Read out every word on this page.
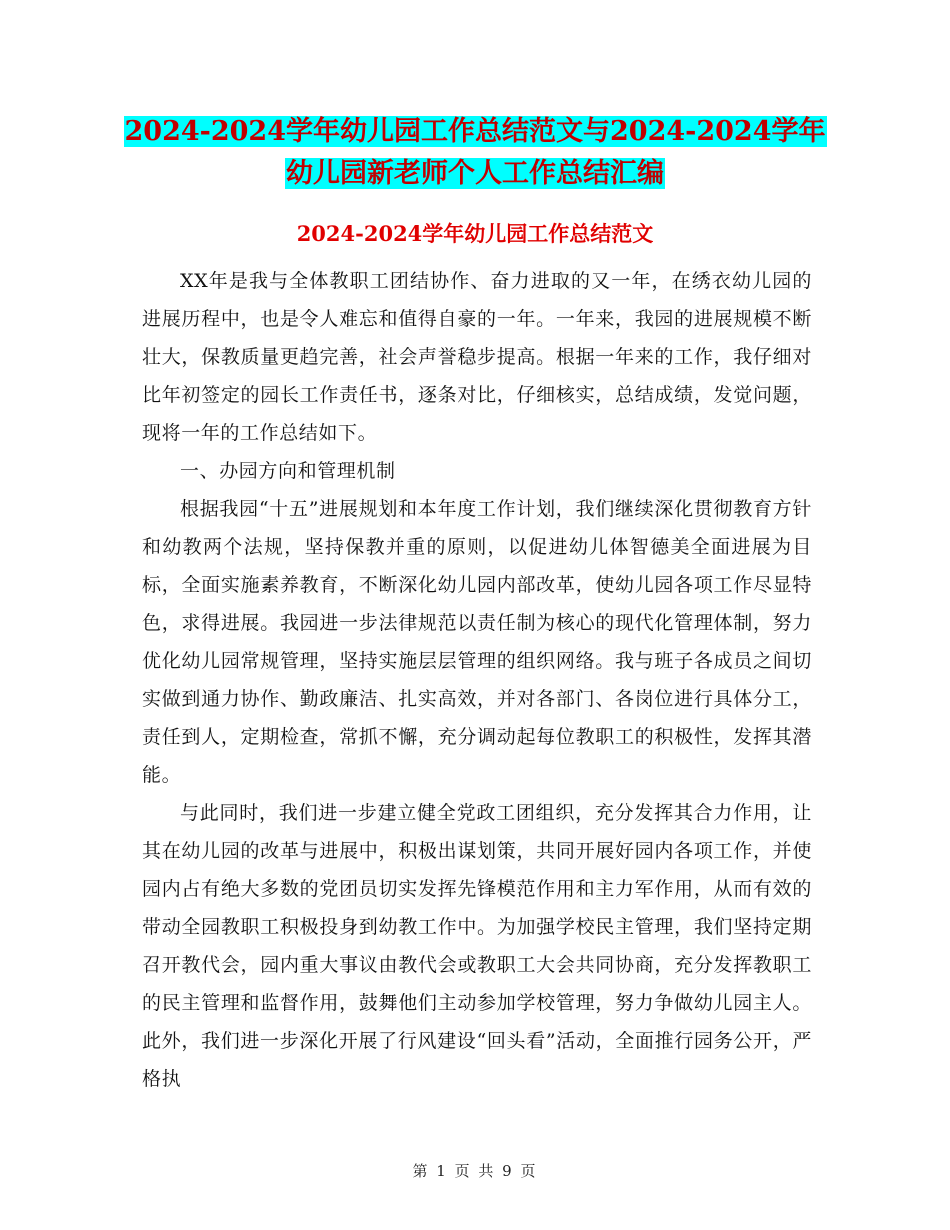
2024-2024学年幼儿园工作总结范文与2024-2024学年
幼儿园新老师个人工作总结汇编
2024-2024学年幼儿园工作总结范文

XX年是我与全体教职工团结协作、奋力进取的又一年，在绣衣幼儿园的进展历程中，也是令人难忘和值得自豪的一年。一年来，我园的进展规模不断壮大，保教质量更趋完善，社会声誉稳步提高。根据一年来的工作，我仔细对比年初签定的园长工作责任书，逐条对比，仔细核实，总结成绩，发觉问题，现将一年的工作总结如下。

一、办园方向和管理机制

根据我园“十五”进展规划和本年度工作计划，我们继续深化贯彻教育方针和幼教两个法规，坚持保教并重的原则，以促进幼儿体智德美全面进展为目标，全面实施素养教育，不断深化幼儿园内部改革，使幼儿园各项工作尽显特色，求得进展。我园进一步法律规范以责任制为核心的现代化管理体制，努力优化幼儿园常规管理，坚持实施层层管理的组织网络。我与班子各成员之间切实做到通力协作、勤政廉洁、扎实高效，并对各部门、各岗位进行具体分工，责任到人，定期检查，常抓不懈，充分调动起每位教职工的积极性，发挥其潜能。

与此同时，我们进一步建立健全党政工团组织，充分发挥其合力作用，让其在幼儿园的改革与进展中，积极出谋划策，共同开展好园内各项工作，并使园内占有绝大多数的党团员切实发挥先锋模范作用和主力军作用，从而有效的带动全园教职工积极投身到幼教工作中。为加强学校民主管理，我们坚持定期召开教代会，园内重大事议由教代会或教职工大会共同协商，充分发挥教职工的民主管理和监督作用，鼓舞他们主动参加学校管理，努力争做幼儿园主人。此外，我们进一步深化开展了行风建设“回头看”活动，全面推行园务公开，严格执

第 1 页 共 9 页
